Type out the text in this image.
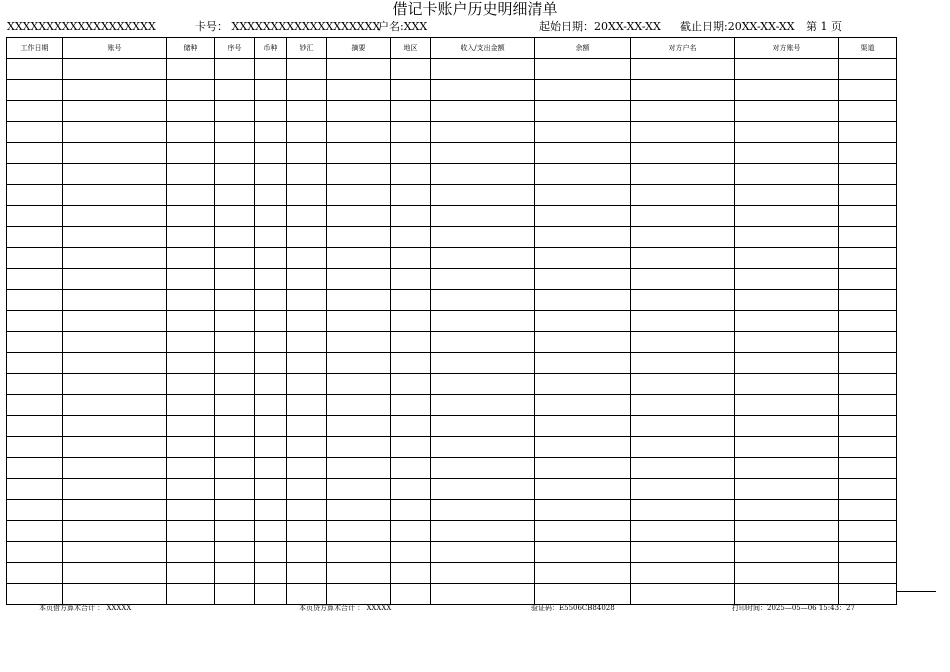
借记卡账户历史明细清单
XXXXXXXXXXXXXXXXXXX	卡号： XXXXXXXXXXXXXXXXXXX
户名:XXX	起始日期：20XX-XX-XX 截止日期:20XX-XX-XX 第 1 页
工作日期	账号	储种	序号	币种	钞汇	摘要	地区	收入/支出金额	余额	对方户名	对方账号	渠道

本页借方算术合计 ： XXXXX	本页贷方算术合计 ： XXXXX	验证码：E5506CB84028	打印时间：2025—05—06 15:43：27
